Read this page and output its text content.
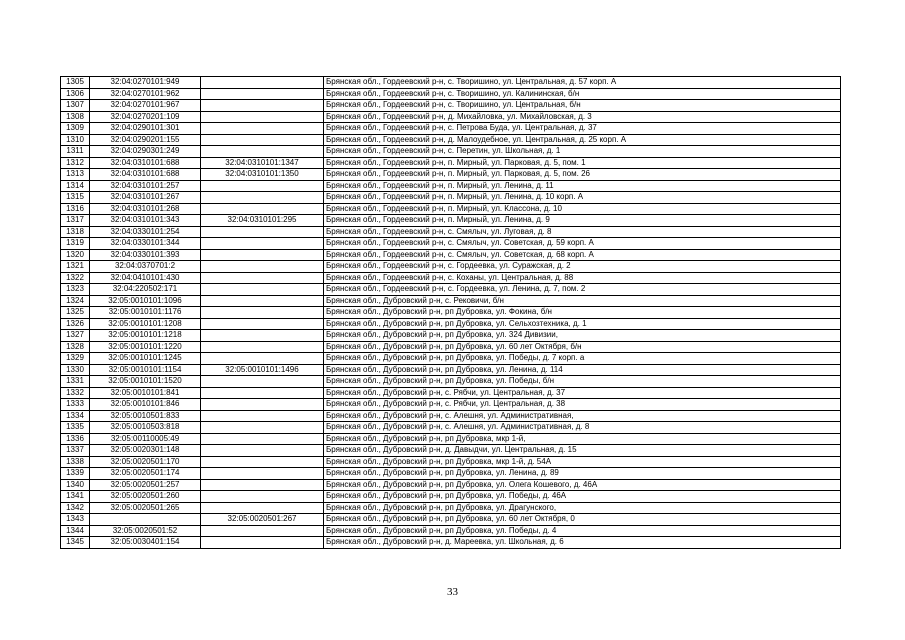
1305	32:04:0270101:949		Брянская обл., Гордеевский р-н, с. Творишино, ул. Центральная, д. 57 корп. А
1306	32:04:0270101:962		Брянская обл., Гордеевский р-н, с. Творишино, ул. Калининская, б/н
1307	32:04:0270101:967		Брянская обл., Гордеевский р-н, с. Творишино, ул. Центральная, б/н
1308	32:04:0270201:109		Брянская обл., Гордеевский р-н, д. Михайловка, ул. Михайловская, д. 3
1309	32:04:0290101:301		Брянская обл., Гордеевский р-н, с. Петрова Буда, ул. Центральная, д. 37
1310	32:04:0290201:155		Брянская обл., Гордеевский р-н, д. Малоудебное, ул. Центральная, д. 25 корп. А
1311	32:04:0290301:249		Брянская обл., Гордеевский р-н, с. Перетин, ул. Школьная, д. 1
1312	32:04:0310101:688	32:04:0310101:1347	Брянская обл., Гордеевский р-н, п. Мирный, ул. Парковая, д. 5, пом. 1
1313	32:04:0310101:688	32:04:0310101:1350	Брянская обл., Гордеевский р-н, п. Мирный, ул. Парковая, д. 5, пом. 26
1314	32:04:0310101:257		Брянская обл., Гордеевский р-н, п. Мирный, ул. Ленина, д. 11
1315	32:04:0310101:267		Брянская обл., Гордеевский р-н, п. Мирный, ул. Ленина, д. 10 корп. А
1316	32:04:0310101:268		Брянская обл., Гордеевский р-н, п. Мирный, ул. Классона, д. 10
1317	32:04:0310101:343	32:04:0310101:295	Брянская обл., Гордеевский р-н, п. Мирный, ул. Ленина, д. 9
1318	32:04:0330101:254		Брянская обл., Гордеевский р-н, с. Смялыч, ул. Луговая, д. 8
1319	32:04:0330101:344		Брянская обл., Гордеевский р-н, с. Смялыч, ул. Советская, д. 59 корп. А
1320	32:04:0330101:393		Брянская обл., Гордеевский р-н, с. Смялыч, ул. Советская, д. 68 корп. А
1321	32:04:0370701:2		Брянская обл., Гордеевский р-н, с. Гордеевка, ул. Суражская, д. 2
1322	32:04:0410101:430		Брянская обл., Гордеевский р-н, с. Коханы, ул. Центральная, д. 88
1323	32:04:220502:171		Брянская обл., Гордеевский р-н, с. Гордеевка, ул. Ленина, д. 7, пом. 2
1324	32:05:0010101:1096		Брянская обл., Дубровский р-н, с. Рековичи, б/н
1325	32:05:0010101:1176		Брянская обл., Дубровский р-н, рп Дубровка, ул. Фокина, б/н
1326	32:05:0010101:1208		Брянская обл., Дубровский р-н, рп Дубровка, ул. Сельхозтехника, д. 1
1327	32:05:0010101:1218		Брянская обл., Дубровский р-н, рп Дубровка, ул. 324 Дивизии,
1328	32:05:0010101:1220		Брянская обл., Дубровский р-н, рп Дубровка, ул. 60 лет Октября, б/н
1329	32:05:0010101:1245		Брянская обл., Дубровский р-н, рп Дубровка, ул. Победы, д. 7 корп. а
1330	32:05:0010101:1154	32:05:0010101:1496	Брянская обл., Дубровский р-н, рп Дубровка, ул. Ленина, д. 114
1331	32:05:0010101:1520		Брянская обл., Дубровский р-н, рп Дубровка, ул. Победы, б/н
1332	32:05:0010101:841		Брянская обл., Дубровский р-н, с. Рябчи, ул. Центральная, д. 37
1333	32:05:0010101:846		Брянская обл., Дубровский р-н, с. Рябчи, ул. Центральная, д. 38
1334	32:05:0010501:833		Брянская обл., Дубровский р-н, с. Алешня, ул. Административная,
1335	32:05:0010503:818		Брянская обл., Дубровский р-н, с. Алешня, ул. Административная, д. 8
1336	32:05:00110005:49		Брянская обл., Дубровский р-н, рп Дубровка, мкр 1-й,
1337	32:05:0020301:148		Брянская обл., Дубровский р-н, д. Давыдчи, ул. Центральная, д. 15
1338	32:05:0020501:170		Брянская обл., Дубровский р-н, рп Дубровка, мкр 1-й, д. 54А
1339	32:05:0020501:174		Брянская обл., Дубровский р-н, рп Дубровка, ул. Ленина, д. 89
1340	32:05:0020501:257		Брянская обл., Дубровский р-н, рп Дубровка, ул. Олега Кошевого, д. 46А
1341	32:05:0020501:260		Брянская обл., Дубровский р-н, рп Дубровка, ул. Победы, д. 46А
1342	32:05:0020501:265		Брянская обл., Дубровский р-н, рп Дубровка, ул. Драгунского,
1343		32:05:0020501:267	Брянская обл., Дубровский р-н, рп Дубровка, ул. 60 лет Октября, 0
1344	32:05:0020501:52		Брянская обл., Дубровский р-н, рп Дубровка, ул. Победы, д. 4
1345	32:05:0030401:154		Брянская обл., Дубровский р-н, д. Мареевка, ул. Школьная, д. 6
33
